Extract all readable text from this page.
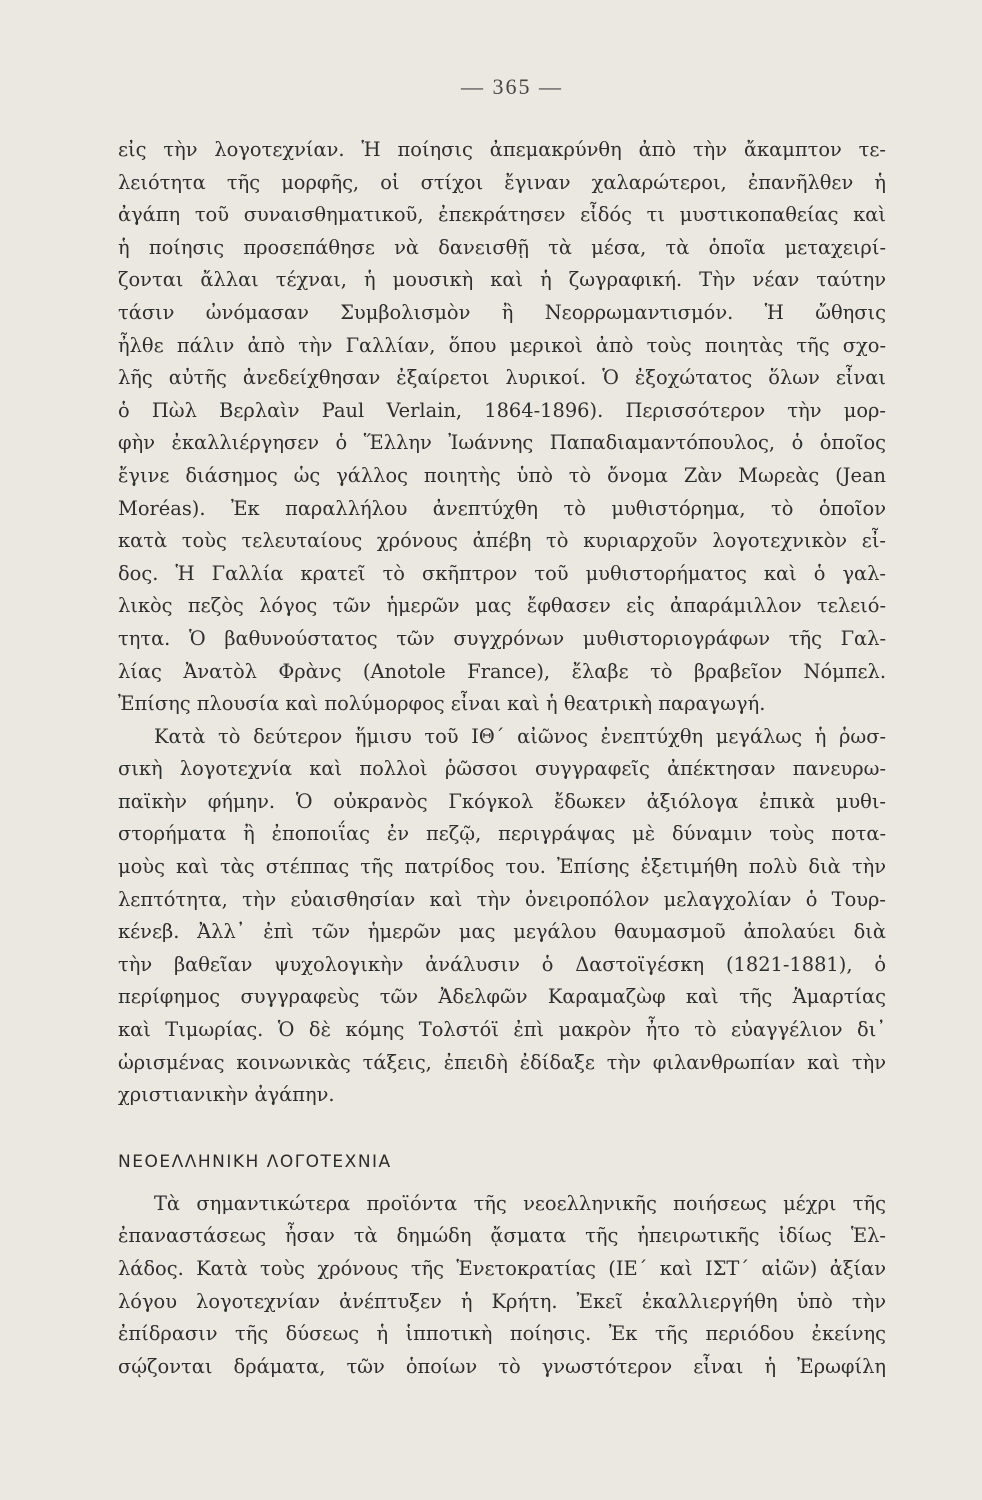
— 365 —
εἰς τὴν λογοτεχνίαν. Ἡ ποίησις ἀπεμακρύνθη ἀπὸ τὴν ἄκαμπτον τε-
λειότητα τῆς μορφῆς, οἱ στίχοι ἔγιναν χαλαρώτεροι, ἐπανῆλθεν ἡ
ἀγάπη τοῦ συναισθηματικοῦ, ἐπεκράτησεν εἶδός τι μυστικοπαθείας καὶ
ἡ ποίησις προσεπάθησε νὰ δανεισθῇ τὰ μέσα, τὰ ὁποῖα μεταχειρί-
ζονται ἄλλαι τέχναι, ἡ μουσικὴ καὶ ἡ ζωγραφική. Τὴν νέαν ταύτην
τάσιν ὠνόμασαν Συμβολισμὸν ἢ Νεορρωμαντισμόν. Ἡ ὤθησις
ἦλθε πάλιν ἀπὸ τὴν Γαλλίαν, ὅπου μερικοὶ ἀπὸ τοὺς ποιητὰς τῆς σχο-
λῆς αὐτῆς ἀνεδείχθησαν ἐξαίρετοι λυρικοί. Ὁ ἐξοχώτατος ὅλων εἶναι
ὁ Πὼλ Βερλαὶν Paul Verlain, 1864-1896). Περισσότερον τὴν μορ-
φὴν ἐκαλλιέργησεν ὁ Ἕλλην Ἰωάννης Παπαδιαμαντόπουλος, ὁ ὁποῖος
ἔγινε διάσημος ὡς γάλλος ποιητὴς ὑπὸ τὸ ὄνομα Ζὰν Μωρεὰς (Jean
Moréas). Ἐκ παραλλήλου ἀνεπτύχθη τὸ μυθιστόρημα, τὸ ὁποῖον
κατὰ τοὺς τελευταίους χρόνους ἀπέβη τὸ κυριαρχοῦν λογοτεχνικὸν εἶ-
δος. Ἡ Γαλλία κρατεῖ τὸ σκῆπτρον τοῦ μυθιστορήματος καὶ ὁ γαλ-
λικὸς πεζὸς λόγος τῶν ἡμερῶν μας ἔφθασεν εἰς ἀπαράμιλλον τελειό-
τητα. Ὁ βαθυνούστατος τῶν συγχρόνων μυθιστοριογράφων τῆς Γαλ-
λίας Ἀνατὸλ Φρὰνς (Anotole France), ἔλαβε τὸ βραβεῖον Νόμπελ.
Ἐπίσης πλουσία καὶ πολύμορφος εἶναι καὶ ἡ θεατρικὴ παραγωγή.
Κατὰ τὸ δεύτερον ἥμισυ τοῦ ΙΘ΄ αἰῶνος ἐνεπτύχθη μεγάλως ἡ ῥωσ-
σικὴ λογοτεχνία καὶ πολλοὶ ῥῶσσοι συγγραφεῖς ἀπέκτησαν πανευρω-
παϊκὴν φήμην. Ὁ οὐκρανὸς Γκόγκολ ἔδωκεν ἀξιόλογα ἐπικὰ μυθι-
στορήματα ἢ ἐποποιΐας ἐν πεζῷ, περιγράψας μὲ δύναμιν τοὺς ποτα-
μοὺς καὶ τὰς στέππας τῆς πατρίδος του. Ἐπίσης ἐξετιμήθη πολὺ διὰ τὴν
λεπτότητα, τὴν εὐαισθησίαν καὶ τὴν ὀνειροπόλον μελαγχολίαν ὁ Τουρ-
κένεβ. Ἀλλ᾽ ἐπὶ τῶν ἡμερῶν μας μεγάλου θαυμασμοῦ ἀπολαύει διὰ
τὴν βαθεῖαν ψυχολογικὴν ἀνάλυσιν ὁ Δαστοϊγέσκη (1821-1881), ὁ
περίφημος συγγραφεὺς τῶν Ἀδελφῶν Καραμαζὼφ καὶ τῆς Ἁμαρτίας
καὶ Τιμωρίας. Ὁ δὲ κόμης Τολστόϊ ἐπὶ μακρὸν ἦτο τὸ εὐαγγέλιον δι᾽
ὡρισμένας κοινωνικὰς τάξεις, ἐπειδὴ ἐδίδαξε τὴν φιλανθρωπίαν καὶ τὴν
χριστιανικὴν ἀγάπην.
ΝΕΟΕΛΛΗΝΙΚΗ ΛΟΓΟΤΕΧΝΙΑ
Τὰ σημαντικώτερα προϊόντα τῆς νεοελληνικῆς ποιήσεως μέχρι τῆς
ἐπαναστάσεως ἦσαν τὰ δημώδη ᾄσματα τῆς ἠπειρωτικῆς ἰδίως Ἑλ-
λάδος. Κατὰ τοὺς χρόνους τῆς Ἑνετοκρατίας (ΙΕ΄ καὶ ΙΣΤ΄ αἰῶν) ἀξίαν
λόγου λογοτεχνίαν ἀνέπτυξεν ἡ Κρήτη. Ἐκεῖ ἐκαλλιεργήθη ὑπὸ τὴν
ἐπίδρασιν τῆς δύσεως ἡ ἱπποτικὴ ποίησις. Ἐκ τῆς περιόδου ἐκείνης
σῴζονται δράματα, τῶν ὁποίων τὸ γνωστότερον εἶναι ἡ Ἐρωφίλη
